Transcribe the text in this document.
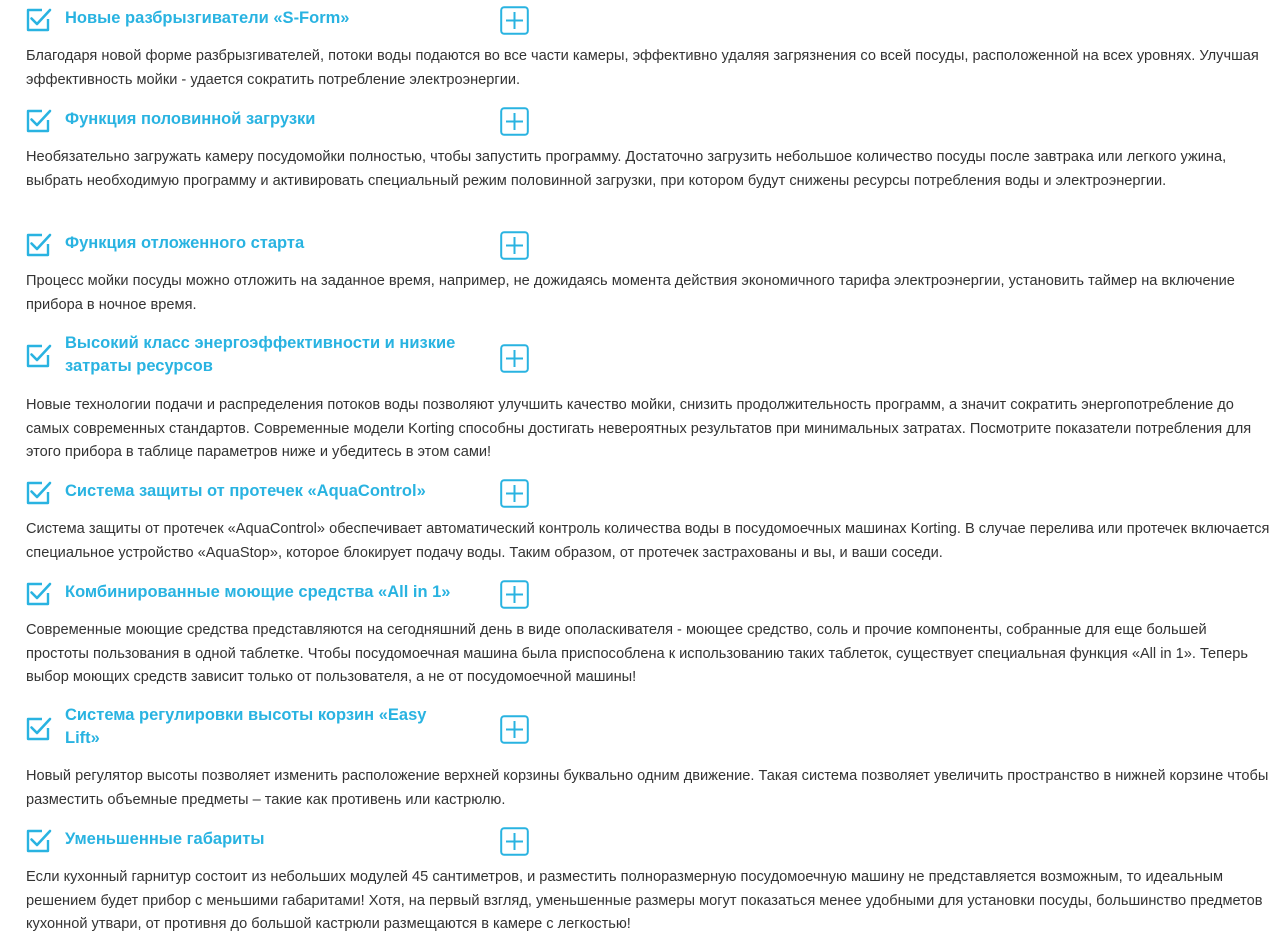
Новые разбрызгиватели «S-Form»

Благодаря новой форме разбрызгивателей, потоки воды подаются во все части камеры, эффективно удаляя загрязнения со всей посуды, расположенной на всех уровнях. Улучшая эффективность мойки - удается сократить потребление электроэнергии.

Функция половинной загрузки

Необязательно загружать камеру посудомойки полностью, чтобы запустить программу. Достаточно загрузить небольшое количество посуды после завтрака или легкого ужина, выбрать необходимую программу и активировать специальный режим половинной загрузки, при котором будут снижены ресурсы потребления воды и электроэнергии.

Функция отложенного старта

Процесс мойки посуды можно отложить на заданное время, например, не дожидаясь момента действия экономичного тарифа электроэнергии, установить таймер на включение прибора в ночное время.

Высокий класс энергоэффективности и низкие затраты ресурсов

Новые технологии подачи и распределения потоков воды позволяют улучшить качество мойки, снизить продолжительность программ, а значит сократить энергопотребление до самых современных стандартов. Современные модели Korting способны достигать невероятных результатов при минимальных затратах. Посмотрите показатели потребления для этого прибора в таблице параметров ниже и убедитесь в этом сами!

Система защиты от протечек «AquaControl»

Система защиты от протечек «AquaControl» обеспечивает автоматический контроль количества воды в посудомоечных машинах Korting. В случае перелива или протечек включается специальное устройство «AquaStop», которое блокирует подачу воды. Таким образом, от протечек застрахованы и вы, и ваши соседи.

Комбинированные моющие средства «All in 1»

Современные моющие средства представляются на сегодняшний день в виде ополаскивателя - моющее средство, соль и прочие компоненты, собранные для еще большей простоты пользования в одной таблетке. Чтобы посудомоечная машина была приспособлена к использованию таких таблеток, существует специальная функция «All in 1». Теперь выбор моющих средств зависит только от пользователя, а не от посудомоечной машины!

Система регулировки высоты корзин «Easy Lift»

Новый регулятор высоты позволяет изменить расположение верхней корзины буквально одним движение. Такая система позволяет увеличить пространство в нижней корзине чтобы разместить объемные предметы – такие как противень или кастрюлю.

Уменьшенные габариты

Если кухонный гарнитур состоит из небольших модулей 45 сантиметров, и разместить полноразмерную посудомоечную машину не представляется возможным, то идеальным решением будет прибор с меньшими габаритами! Хотя, на первый взгляд, уменьшенные размеры могут показаться менее удобными для установки посуды, большинство предметов кухонной утвари, от противня до большой кастрюли размещаются в камере с легкостью!
